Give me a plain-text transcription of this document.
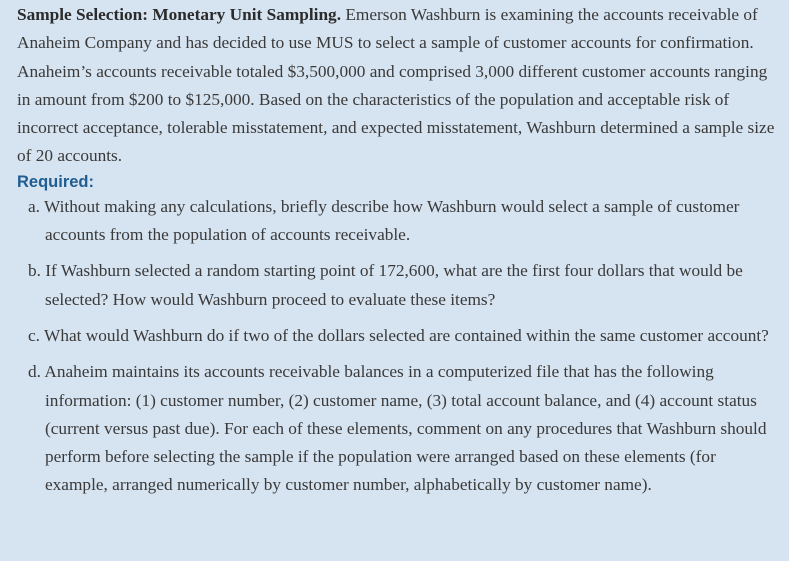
Sample Selection: Monetary Unit Sampling. Emerson Washburn is examining the accounts receivable of Anaheim Company and has decided to use MUS to select a sample of customer accounts for confirmation. Anaheim’s accounts receivable totaled $3,500,000 and comprised 3,000 different customer accounts ranging in amount from $200 to $125,000. Based on the characteristics of the population and acceptable risk of incorrect acceptance, tolerable misstatement, and expected misstatement, Washburn determined a sample size of 20 accounts.

Required:
a. Without making any calculations, briefly describe how Washburn would select a sample of customer accounts from the population of accounts receivable.
b. If Washburn selected a random starting point of 172,600, what are the first four dollars that would be selected? How would Washburn proceed to evaluate these items?
c. What would Washburn do if two of the dollars selected are contained within the same customer account?
d. Anaheim maintains its accounts receivable balances in a computerized file that has the following information: (1) customer number, (2) customer name, (3) total account balance, and (4) account status (current versus past due). For each of these elements, comment on any procedures that Washburn should perform before selecting the sample if the population were arranged based on these elements (for example, arranged numerically by customer number, alphabetically by customer name).
